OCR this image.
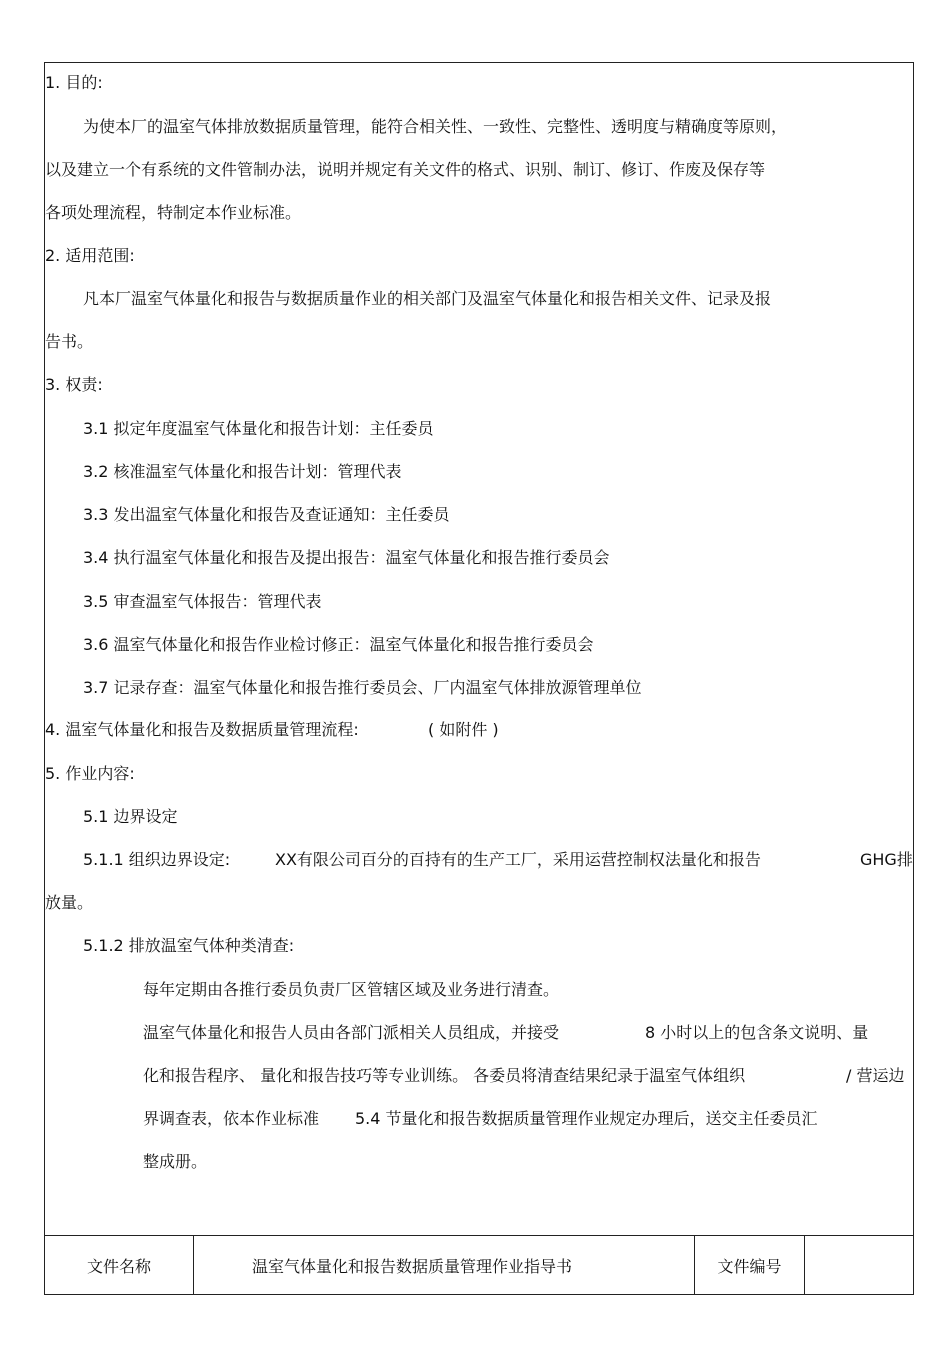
1. 目的:
为使本厂的温室气体排放数据质量管理，能符合相关性、一致性、完整性、透明度与精确度等原则，
以及建立一个有系统的文件管制办法，说明并规定有关文件的格式、识别、制订、修订、作废及保存等
各项处理流程，特制定本作业标准。
2. 适用范围:
凡本厂温室气体量化和报告与数据质量作业的相关部门及温室气体量化和报告相关文件、记录及报
告书。
3. 权责:
3.1 拟定年度温室气体量化和报告计划：主任委员
3.2 核准温室气体量化和报告计划：管理代表
3.3 发出温室气体量化和报告及查证通知：主任委员
3.4 执行温室气体量化和报告及提出报告：温室气体量化和报告推行委员会
3.5 审查温室气体报告：管理代表
3.6 温室气体量化和报告作业检讨修正：温室气体量化和报告推行委员会
3.7 记录存查：温室气体量化和报告推行委员会、厂内温室气体排放源管理单位
4. 温室气体量化和报告及数据质量管理流程:	( 如附件 )
5. 作业内容:
5.1 边界设定
5.1.1 组织边界设定:	XX有限公司百分的百持有的生产工厂，采用运营控制权法量化和报告	GHG排
放量。
5.1.2 排放温室气体种类清查:
每年定期由各推行委员负责厂区管辖区域及业务进行清查。
温室气体量化和报告人员由各部门派相关人员组成，并接受	8 小时以上的包含条文说明、量
化和报告程序、 量化和报告技巧等专业训练。 各委员将清查结果纪录于温室气体组织	/ 营运边
界调查表，依本作业标准 5.4 节量化和报告数据质量管理作业规定办理后，送交主任委员汇
整成册。
文件名称	温室气体量化和报告数据质量管理作业指导书	文件编号
